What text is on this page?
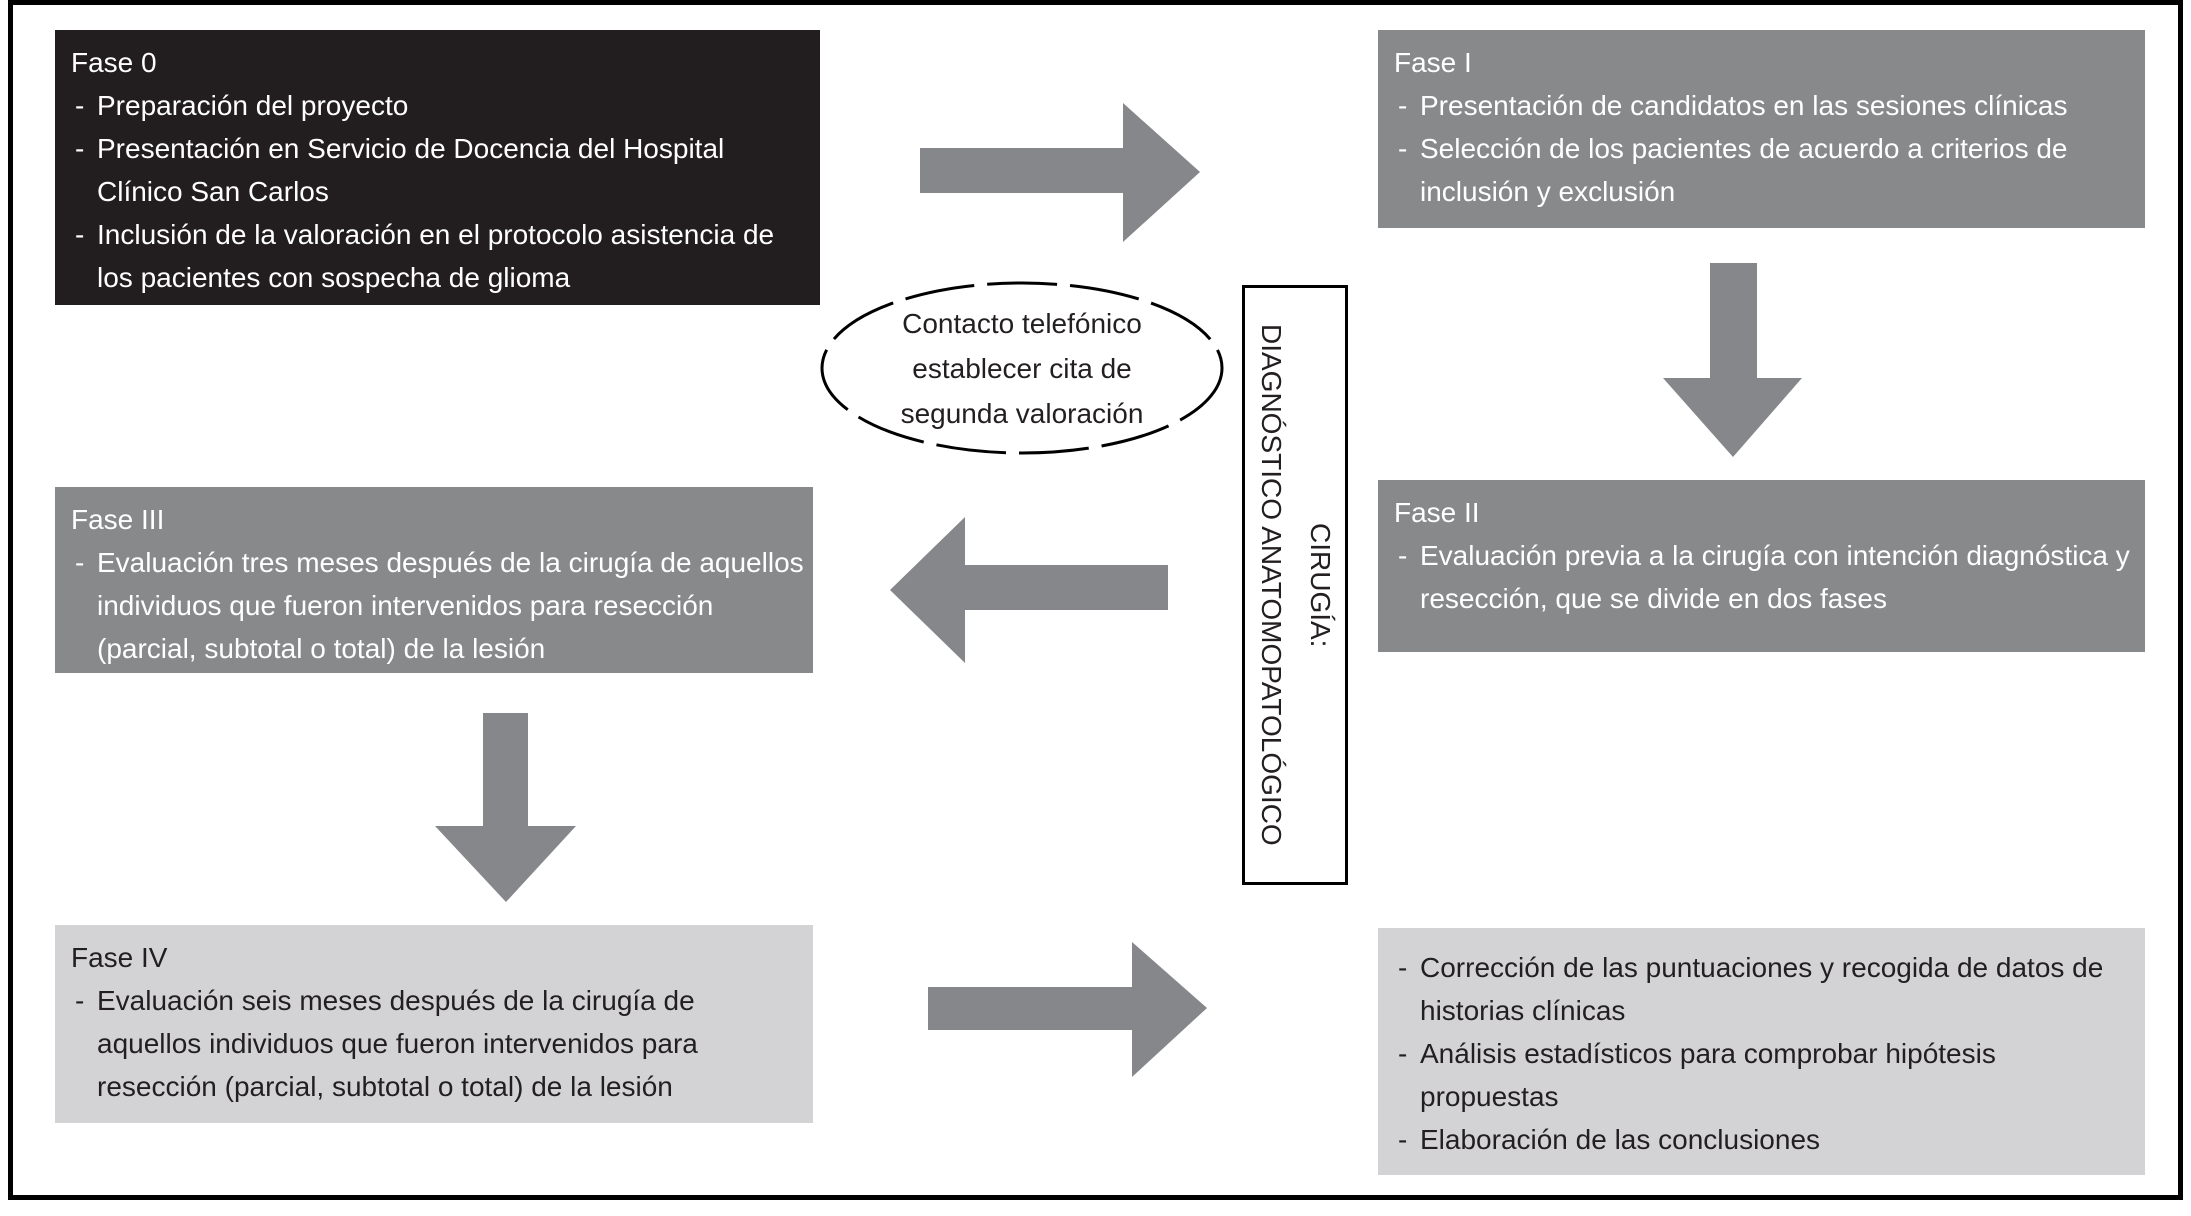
Fase 0
- Preparación del proyecto
- Presentación en Servicio de Docencia del Hospital Clínico San Carlos
- Inclusión de la valoración en el protocolo asistencia de los pacientes con sospecha de glioma
Fase I
- Presentación de candidatos en las sesiones clínicas
- Selección de los pacientes de acuerdo a criterios de inclusión y exclusión
Contacto telefónico
establecer cita de
segunda valoración
CIRUGÍA:
DIAGNÓSTICO ANATOMOPATOLÓGICO	Fase II
- Evaluación previa a la cirugía con intención diagnóstica y resección, que se divide en dos fases
Fase III
- Evaluación tres meses después de la cirugía de aquellos individuos que fueron intervenidos para resección (parcial, subtotal o total) de la lesión
Fase IV
- Evaluación seis meses después de la cirugía de aquellos individuos que fueron intervenidos para resección (parcial, subtotal o total) de la lesión
- Corrección de las puntuaciones y recogida de datos de historias clínicas
- Análisis estadísticos para comprobar hipótesis propuestas
- Elaboración de las conclusiones
